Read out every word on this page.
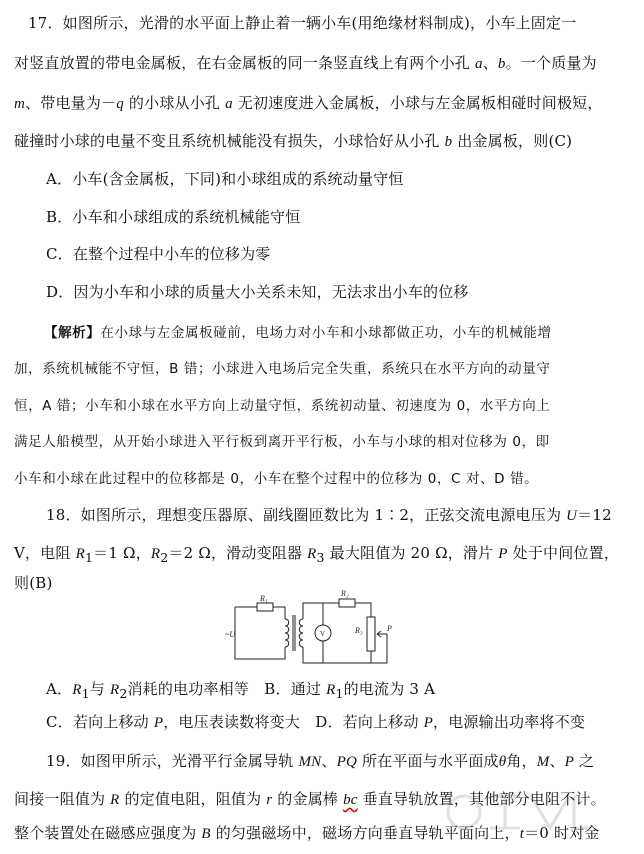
17．如图所示，光滑的水平面上静止着一辆小车(用绝缘材料制成)，小车上固定一
对竖直放置的带电金属板，在右金属板的同一条竖直线上有两个小孔 a、b。一个质量为
m、带电量为－q 的小球从小孔 a 无初速度进入金属板，小球与左金属板相碰时间极短，
碰撞时小球的电量不变且系统机械能没有损失，小球恰好从小孔 b 出金属板，则(C)
A．小车(含金属板，下同)和小球组成的系统动量守恒
B．小车和小球组成的系统机械能守恒
C．在整个过程中小车的位移为零
D．因为小车和小球的质量大小关系未知，无法求出小车的位移
【解析】在小球与左金属板碰前，电场力对小车和小球都做正功，小车的机械能增
加，系统机械能不守恒，B 错；小球进入电场后完全失重，系统只在水平方向的动量守
恒，A 错；小车和小球在水平方向上动量守恒，系统初动量、初速度为 0，水平方向上
满足人船模型，从开始小球进入平行板到离开平行板，小车与小球的相对位移为 0，即
小车和小球在此过程中的位移都是 0，小车在整个过程中的位移为 0，C 对、D 错。
18．如图所示，理想变压器原、副线圈匝数比为 1∶2，正弦交流电源电压为 U＝12
V，电阻 $R_1=1$ Ω，$R_2=2$ Ω，滑动变阻器 $R_3$ 最大阻值为 20 Ω，滑片 P 处于中间位置，
则(B)
R₁
R₂
R₃	P
~U	V
A．$R_1$与 $R_2$消耗的电功率相等　B．通过 $R_1$的电流为 3 A
C．若向上移动 P，电压表读数将变大　D．若向上移动 P，电源输出功率将不变
19．如图甲所示，光滑平行金属导轨 MN、PQ 所在平面与水平面成θ角，M、P 之
间接一阻值为 R 的定值电阻，阻值为 r 的金属棒 bc 垂直导轨放置，其他部分电阻不计。
整个装置处在磁感应强度为 B 的匀强磁场中，磁场方向垂直导轨平面向上，t＝0 时对金
